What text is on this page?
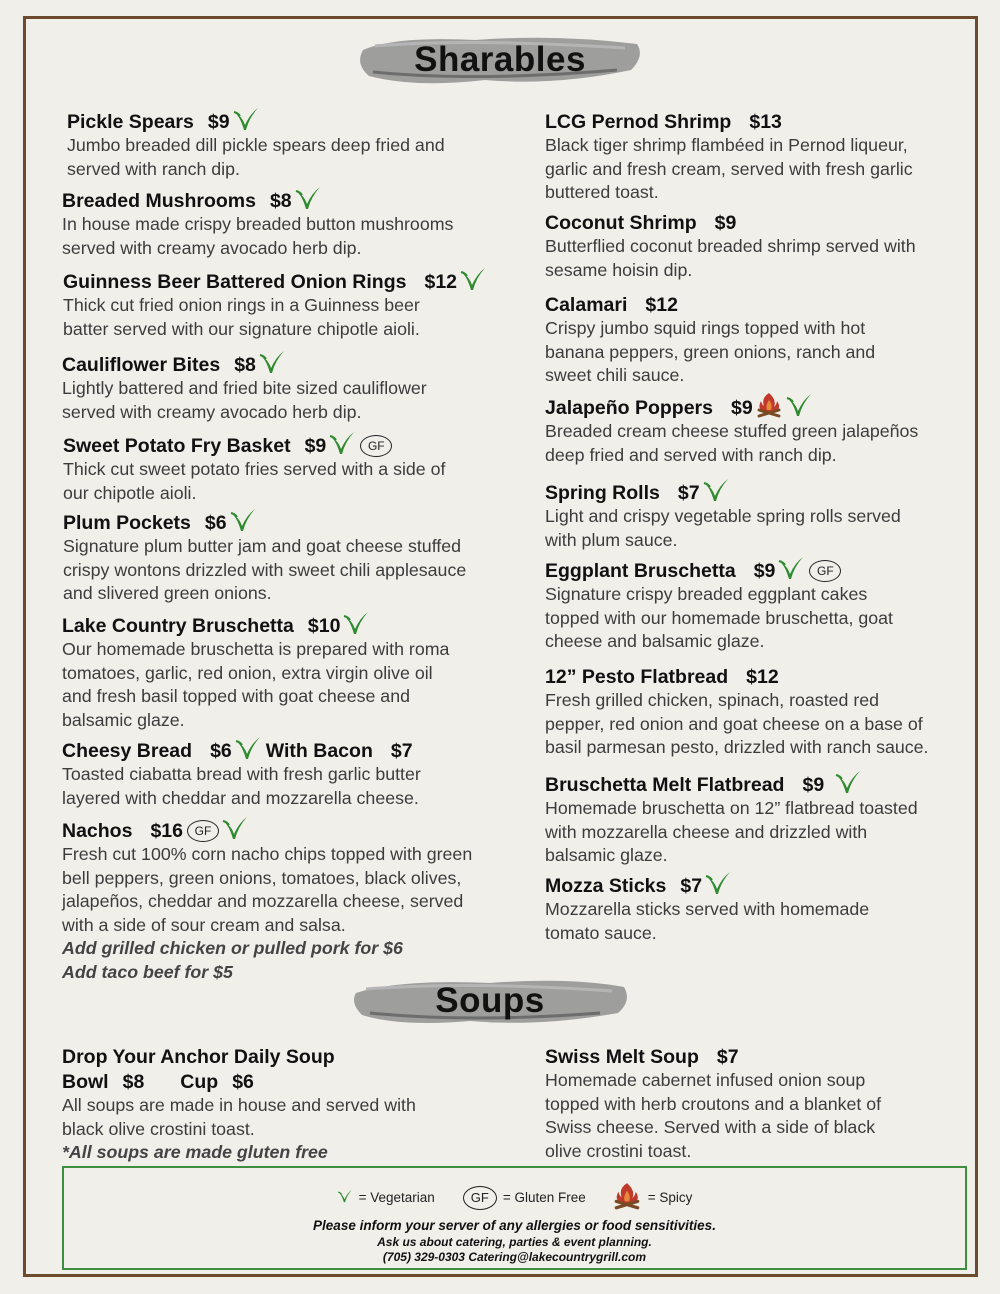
Sharables
Pickle Spears $9
Jumbo breaded dill pickle spears deep fried and
served with ranch dip.
Breaded Mushrooms $8
In house made crispy breaded button mushrooms
served with creamy avocado herb dip.
Guinness Beer Battered Onion Rings $12
Thick cut fried onion rings in a Guinness beer
batter served with our signature chipotle aioli.
Cauliflower Bites $8
Lightly battered and fried bite sized cauliflower
served with creamy avocado herb dip.
Sweet Potato Fry Basket $9	GF
Thick cut sweet potato fries served with a side of
our chipotle aioli.
Plum Pockets $6
Signature plum butter jam and goat cheese stuffed
crispy wontons drizzled with sweet chili applesauce
and slivered green onions.
Lake Country Bruschetta $10
Our homemade bruschetta is prepared with roma
tomatoes, garlic, red onion, extra virgin olive oil
and fresh basil topped with goat cheese and
balsamic glaze.
Cheesy Bread $6 With Bacon $7
Toasted ciabatta bread with fresh garlic butter
layered with cheddar and mozzarella cheese.
Nachos $16 GF
Fresh cut 100% corn nacho chips topped with green
bell peppers, green onions, tomatoes, black olives,
jalapeños, cheddar and mozzarella cheese, served
with a side of sour cream and salsa.
Add grilled chicken or pulled pork for $6
Add taco beef for $5
LCG Pernod Shrimp $13
Black tiger shrimp flambéed in Pernod liqueur,
garlic and fresh cream, served with fresh garlic
buttered toast.
Coconut Shrimp $9
Butterflied coconut breaded shrimp served with
sesame hoisin dip.
Calamari $12
Crispy jumbo squid rings topped with hot
banana peppers, green onions, ranch and
sweet chili sauce.
Jalapeño Poppers $9
Breaded cream cheese stuffed green jalapeños
deep fried and served with ranch dip.
Spring Rolls $7
Light and crispy vegetable spring rolls served
with plum sauce.
Eggplant Bruschetta $9	GF
Signature crispy breaded eggplant cakes
topped with our homemade bruschetta, goat
cheese and balsamic glaze.
12” Pesto Flatbread $12
Fresh grilled chicken, spinach, roasted red
pepper, red onion and goat cheese on a base of
basil parmesan pesto, drizzled with ranch sauce.
Bruschetta Melt Flatbread $9
Homemade bruschetta on 12” flatbread toasted
with mozzarella cheese and drizzled with
balsamic glaze.
Mozza Sticks $7
Mozzarella sticks served with homemade
tomato sauce.
Soups
Drop Your Anchor Daily Soup
Bowl $8 Cup $6
All soups are made in house and served with
black olive crostini toast.
*All soups are made gluten free
Swiss Melt Soup $7
Homemade cabernet infused onion soup
topped with herb croutons and a blanket of
Swiss cheese. Served with a side of black
olive crostini toast.
= Vegetarian	GF	= Gluten Free	= Spicy
Please inform your server of any allergies or food sensitivities.
Ask us about catering, parties & event planning.
(705) 329-0303 Catering@lakecountrygrill.com
